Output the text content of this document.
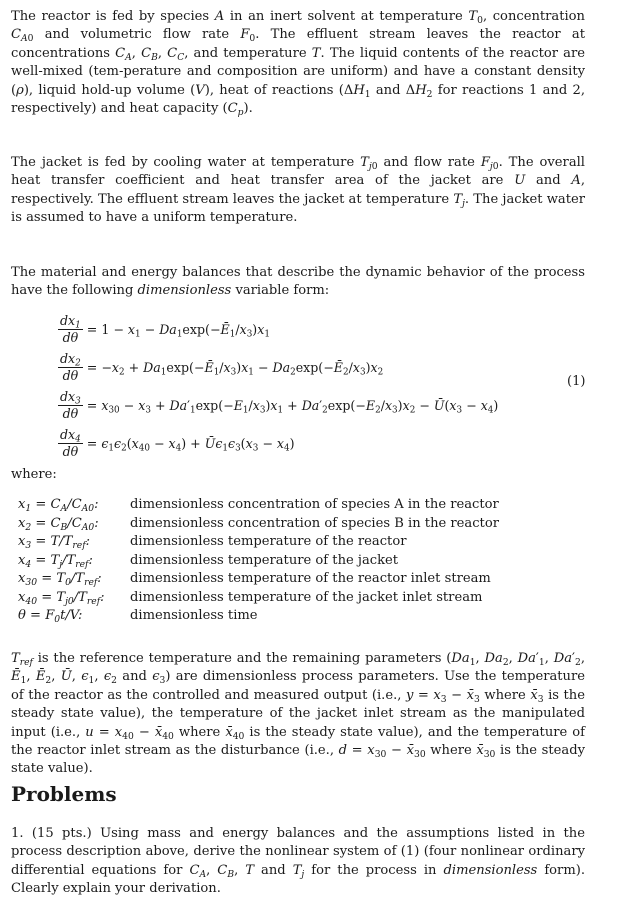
The reactor is fed by species A in an inert solvent at temperature $T_0$, concentration $C_{A0}$ and volumetric flow rate $F_0$. The effluent stream leaves the reactor at concentrations $C_A$, $C_B$, $C_C$, and temperature T. The liquid contents of the reactor are well-mixed (tem-perature and composition are uniform) and have a constant density (ρ), liquid hold-up volume (V), heat of reactions ($\Delta H_1$ and $\Delta H_2$ for reactions 1 and 2, respectively) and heat capacity $(C_p)$.

The jacket is fed by cooling water at temperature $T_{j0}$ and flow rate $F_{j0}$. The overall heat transfer coefficient and heat transfer area of the jacket are U and A, respectively. The effluent stream leaves the jacket at temperature $T_j$. The jacket water is assumed to have a uniform temperature.

The material and energy balances that describe the dynamic behavior of the process have the following dimensionless variable form:

$\frac{dx_1}{d\theta} = 1 - x_1$ − $Da_1\exp(-Ē_1/x_3)x_1$
$\frac{dx_2}{d\theta} = -x_2$ + $Da_1\exp(-Ē_1/x_3)x_1$ − $Da_2\exp(-Ē_2/x_3)x_2$
$\frac{dx_3}{d\theta} = x_{30} - x_3 + Da'_1\exp(-E_1/x_3)x_1 + Da'_2\exp(-E_2/x_3)x_2$ − $Ū(x_3 - x_4)$
$\frac{dx_4}{d\theta} = \epsilon_1\epsilon_2(x_{40} - x_4)$ + $Ū\epsilon_1\epsilon_3(x_3 - x_4)$
(1)
where:
$x_1 = C_A/C_{A0}$:	dimensionless concentration of species A in the reactor
$x_2 = C_B/C_{A0}$:	dimensionless concentration of species B in the reactor
$x_3 = T/T_{ref}$:	dimensionless temperature of the reactor
$x_4 = T_j/T_{ref}$:	dimensionless temperature of the jacket
$x_{30} = T_0/T_{ref}$:	dimensionless temperature of the reactor inlet stream
$x_{40} = T_{j0}/T_{ref}$:	dimensionless temperature of the jacket inlet stream
$\theta = F_0t/V$:	dimensionless time

$T_{ref}$ is the reference temperature and the remaining parameters ($Da_1$, $Da_2$, $Da'_1$, $Da'_2$, $Ē_1$, $Ē_2$, Ū, $\epsilon_1$, $\epsilon_2$ and $\epsilon_3$) are dimensionless process parameters. Use the temperature of the reactor as the controlled and measured output (i.e., $y = x_3$ − $x̄_3$ where $x̄_3$ is the steady state value), the temperature of the jacket inlet stream as the manipulated input (i.e., $u = x_{40}$ − $x̄_{40}$ where $x̄_{40}$ is the steady state value), and the temperature of the reactor inlet stream as the disturbance (i.e., $d = x_{30}$ − $x̄_{30}$ where $x̄_{30}$ is the steady state value).

Problems

1. (15 pts.) Using mass and energy balances and the assumptions listed in the process description above, derive the nonlinear system of (1) (four nonlinear ordinary differential equations for $C_A$, $C_B$, T and $T_j$ for the process in dimensionless form). Clearly explain your derivation.
